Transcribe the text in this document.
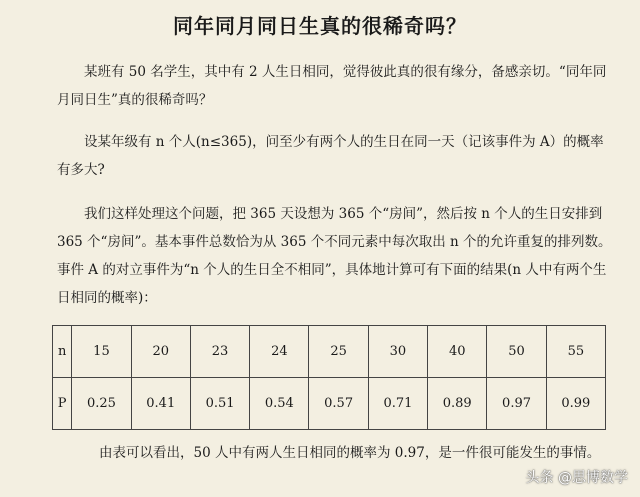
同年同月同日生真的很稀奇吗？
某班有 50 名学生，其中有 2 人生日相同，觉得彼此真的很有缘分，备感亲切。“同年同月同日生”真的很稀奇吗？
设某年级有 n 个人(n≤365)，问至少有两个人的生日在同一天（记该事件为 A）的概率有多大?
我们这样处理这个问题，把 365 天设想为 365 个“房间”，然后按 n 个人的生日安排到 365 个“房间”。基本事件总数恰为从 365 个不同元素中每次取出 n 个的允许重复的排列数。事件 A 的对立事件为“n 个人的生日全不相同”，具体地计算可有下面的结果(n 人中有两个生日相同的概率)：
n	15	20	23	24	25	30	40	50	55
P	0.25	0.41	0.51	0.54	0.57	0.71	0.89	0.97	0.99
由表可以看出，50 人中有两人生日相同的概率为 0.97，是一件很可能发生的事情。
头条 @思博数学
